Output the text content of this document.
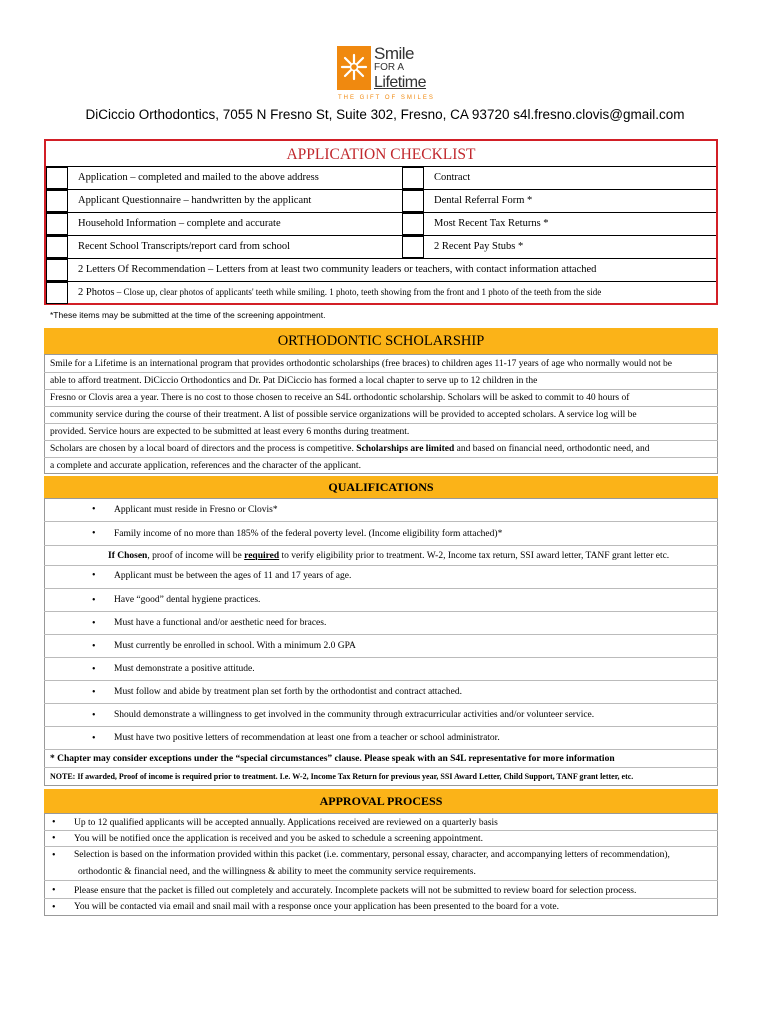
Smile
FOR A
Lifetime
THE GIFT OF SMILES
DiCiccio Orthodontics, 7055 N Fresno St, Suite 302, Fresno, CA 93720 s4l.fresno.clovis@gmail.com
APPLICATION CHECKLIST
Application – completed and mailed to the above address	Contract
Applicant Questionnaire – handwritten by the applicant	Dental Referral Form *
Household Information – complete and accurate	Most Recent Tax Returns *
Recent School Transcripts/report card from school	2 Recent Pay Stubs *
2 Letters Of Recommendation – Letters from at least two community leaders or teachers, with contact information attached
2 Photos – Close up, clear photos of applicants' teeth while smiling. 1 photo, teeth showing from the front and 1 photo of the teeth from the side
*These items may be submitted at the time of the screening appointment.
ORTHODONTIC SCHOLARSHIP
Smile for a Lifetime is an international program that provides orthodontic scholarships (free braces) to children ages 11-17 years of age who normally would not be
able to afford treatment. DiCiccio Orthodontics and Dr. Pat DiCiccio has formed a local chapter to serve up to 12 children in the
Fresno or Clovis area a year. There is no cost to those chosen to receive an S4L orthodontic scholarship. Scholars will be asked to commit to 40 hours of
community service during the course of their treatment. A list of possible service organizations will be provided to accepted scholars. A service log will be
provided. Service hours are expected to be submitted at least every 6 months during treatment.
Scholars are chosen by a local board of directors and the process is competitive. Scholarships are limited and based on financial need, orthodontic need, and
a complete and accurate application, references and the character of the applicant.
QUALIFICATIONS
• Applicant must reside in Fresno or Clovis*
• Family income of no more than 185% of the federal poverty level. (Income eligibility form attached)*
If Chosen, proof of income will be required to verify eligibility prior to treatment. W-2, Income tax return, SSI award letter, TANF grant letter etc.
• Applicant must be between the ages of 11 and 17 years of age.
• Have “good” dental hygiene practices.
• Must have a functional and/or aesthetic need for braces.
• Must currently be enrolled in school. With a minimum 2.0 GPA
• Must demonstrate a positive attitude.
• Must follow and abide by treatment plan set forth by the orthodontist and contract attached.
• Should demonstrate a willingness to get involved in the community through extracurricular activities and/or volunteer service.
• Must have two positive letters of recommendation at least one from a teacher or school administrator.
* Chapter may consider exceptions under the “special circumstances” clause. Please speak with an S4L representative for more information
NOTE: If awarded, Proof of income is required prior to treatment. I.e. W-2, Income Tax Return for previous year, SSI Award Letter, Child Support, TANF grant letter, etc.
APPROVAL PROCESS
• Up to 12 qualified applicants will be accepted annually. Applications received are reviewed on a quarterly basis
• You will be notified once the application is received and you be asked to schedule a screening appointment.
• Selection is based on the information provided within this packet (i.e. commentary, personal essay, character, and accompanying letters of recommendation),
orthodontic & financial need, and the willingness & ability to meet the community service requirements.
• Please ensure that the packet is filled out completely and accurately. Incomplete packets will not be submitted to review board for selection process.
• You will be contacted via email and snail mail with a response once your application has been presented to the board for a vote.
